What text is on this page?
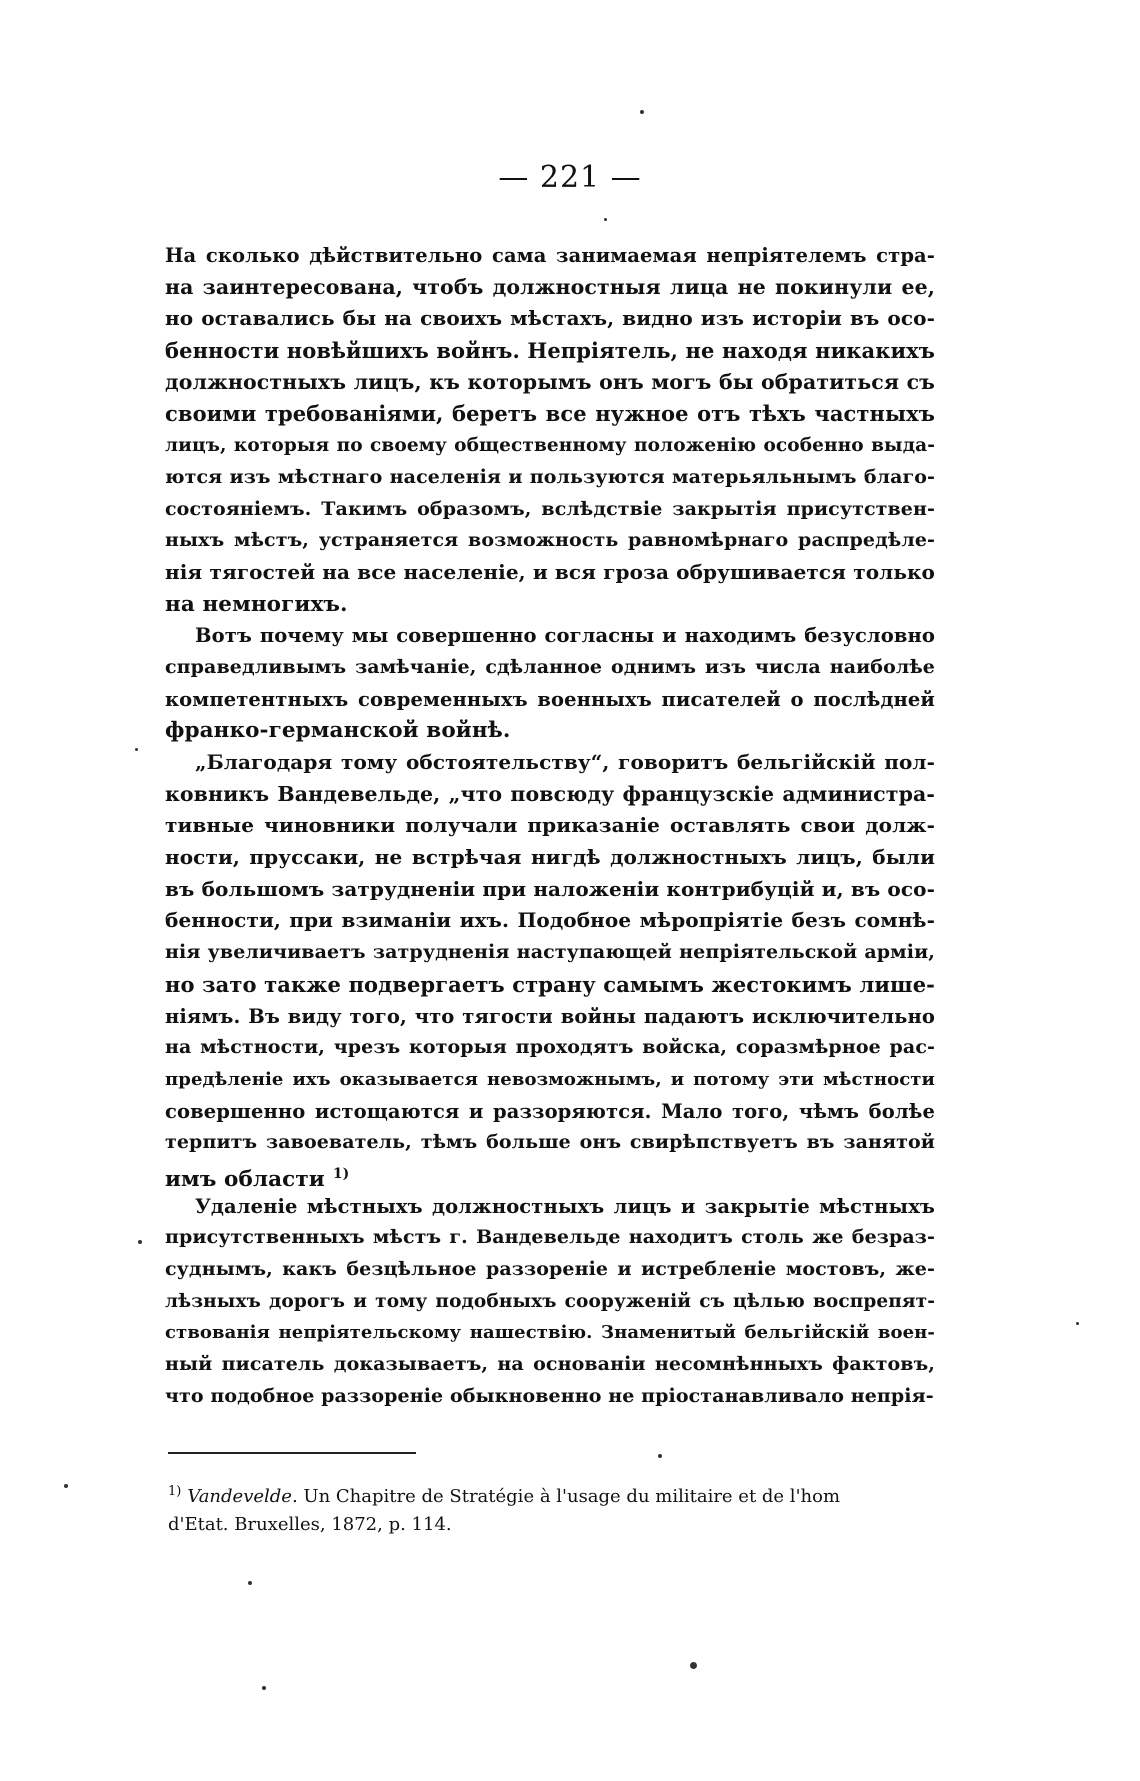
— 221 —
На сколько дѣйствительно сама занимаемая непріятелемъ стра-
на заинтересована, чтобъ должностныя лица не покинули ее,
но оставались бы на своихъ мѣстахъ, видно изъ исторіи въ осо-
бенности новѣйшихъ войнъ. Непріятель, не находя никакихъ
должностныхъ лицъ, къ которымъ онъ могъ бы обратиться съ
своими требованіями, беретъ все нужное отъ тѣхъ частныхъ
лицъ, которыя по своему общественному положенію особенно выда-
ются изъ мѣстнаго населенія и пользуются матерьяльнымъ благо-
состояніемъ. Такимъ образомъ, вслѣдствіе закрытія присутствен-
ныхъ мѣстъ, устраняется возможность равномѣрнаго распредѣле-
нія тягостей на все населеніе, и вся гроза обрушивается только
на немногихъ.
Вотъ почему мы совершенно согласны и находимъ безусловно
справедливымъ замѣчаніе, сдѣланное однимъ изъ числа наиболѣе
компетентныхъ современныхъ военныхъ писателей о послѣдней
франко-германской войнѣ.
„Благодаря тому обстоятельству“, говоритъ бельгійскій пол-
ковникъ Вандевельде, „что повсюду французскіе администра-
тивные чиновники получали приказаніе оставлять свои долж-
ности, пруссаки, не встрѣчая нигдѣ должностныхъ лицъ, были
въ большомъ затрудненіи при наложеніи контрибуцій и, въ осо-
бенности, при взиманіи ихъ. Подобное мѣропріятіе безъ сомнѣ-
нія увеличиваетъ затрудненія наступающей непріятельской арміи,
но зато также подвергаетъ страну самымъ жестокимъ лише-
ніямъ. Въ виду того, что тягости войны падаютъ исключительно
на мѣстности, чрезъ которыя проходятъ войска, соразмѣрное рас-
предѣленіе ихъ оказывается невозможнымъ, и потому эти мѣстности
совершенно истощаются и раззоряются. Мало того, чѣмъ болѣе
терпитъ завоеватель, тѣмъ больше онъ свирѣпствуетъ въ занятой
имъ области $^{1)}$
Удаленіе мѣстныхъ должностныхъ лицъ и закрытіе мѣстныхъ
присутственныхъ мѣстъ г. Вандевельде находитъ столь же безраз-
суднымъ, какъ безцѣльное раззореніе и истребленіе мостовъ, же-
лѣзныхъ дорогъ и тому подобныхъ сооруженій съ цѣлью воспрепят-
ствованія непріятельскому нашествію. Знаменитый бельгійскій воен-
ный писатель доказываетъ, на основаніи несомнѣнныхъ фактовъ,
что подобное раззореніе обыкновенно не пріостанавливало непрія-
$^{1)}$ Vandevelde. Un Chapitre de Stratégie à l'usage du militaire et de l'hom
d'Etat. Bruxelles, 1872, p. 114.
